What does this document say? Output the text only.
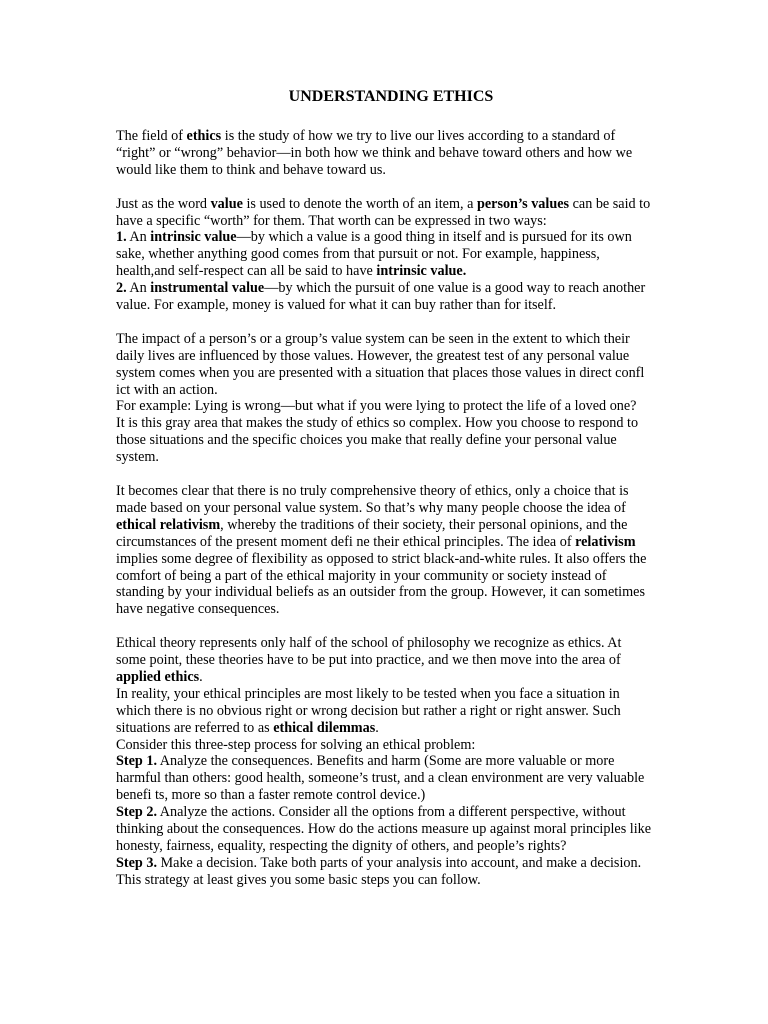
UNDERSTANDING ETHICS
The field of ethics is the study of how we try to live our lives according to a standard of “right” or “wrong” behavior—in both how we think and behave toward others and how we would like them to think and behave toward us.
Just as the word value is used to denote the worth of an item, a person’s values can be said to have a specific “worth” for them. That worth can be expressed in two ways:
1. An intrinsic value—by which a value is a good thing in itself and is pursued for its own sake, whether anything good comes from that pursuit or not. For example, happiness, health,and self-respect can all be said to have intrinsic value.
2. An instrumental value—by which the pursuit of one value is a good way to reach another value. For example, money is valued for what it can buy rather than for itself.
The impact of a person’s or a group’s value system can be seen in the extent to which their daily lives are influenced by those values. However, the greatest test of any personal value system comes when you are presented with a situation that places those values in direct confl ict with an action.
For example: Lying is wrong—but what if you were lying to protect the life of a loved one?
It is this gray area that makes the study of ethics so complex. How you choose to respond to those situations and the specific choices you make that really define your personal value system.
It becomes clear that there is no truly comprehensive theory of ethics, only a choice that is made based on your personal value system. So that’s why many people choose the idea of ethical relativism, whereby the traditions of their society, their personal opinions, and the circumstances of the present moment defi ne their ethical principles. The idea of relativism implies some degree of flexibility as opposed to strict black-and-white rules. It also offers the comfort of being a part of the ethical majority in your community or society instead of standing by your individual beliefs as an outsider from the group. However, it can sometimes have negative consequences.
Ethical theory represents only half of the school of philosophy we recognize as ethics. At some point, these theories have to be put into practice, and we then move into the area of applied ethics.
In reality, your ethical principles are most likely to be tested when you face a situation in which there is no obvious right or wrong decision but rather a right or right answer. Such situations are referred to as ethical dilemmas.
Consider this three-step process for solving an ethical problem:
Step 1. Analyze the consequences. Benefits and harm (Some are more valuable or more harmful than others: good health, someone’s trust, and a clean environment are very valuable benefi ts, more so than a faster remote control device.)
Step 2. Analyze the actions. Consider all the options from a different perspective, without thinking about the consequences. How do the actions measure up against moral principles like honesty, fairness, equality, respecting the dignity of others, and people’s rights?
Step 3. Make a decision. Take both parts of your analysis into account, and make a decision. This strategy at least gives you some basic steps you can follow.
